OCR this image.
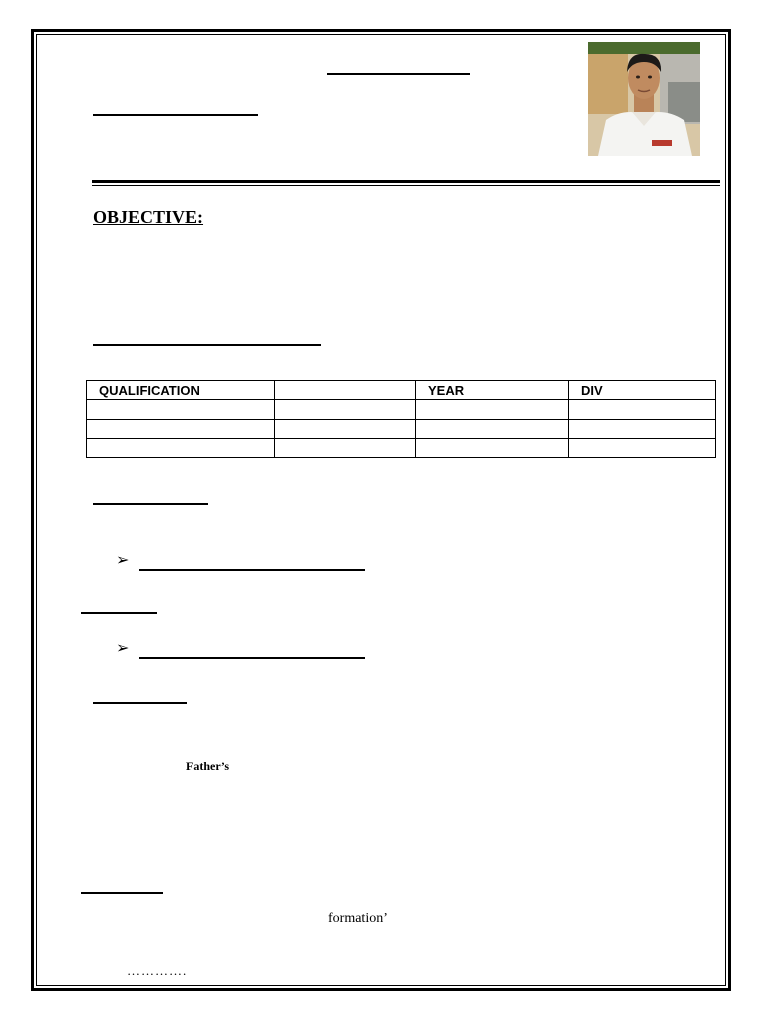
OBJECTIVE:
QUALIFICATION		YEAR	DIV

➢
➢
Father’s
formation’
………….
